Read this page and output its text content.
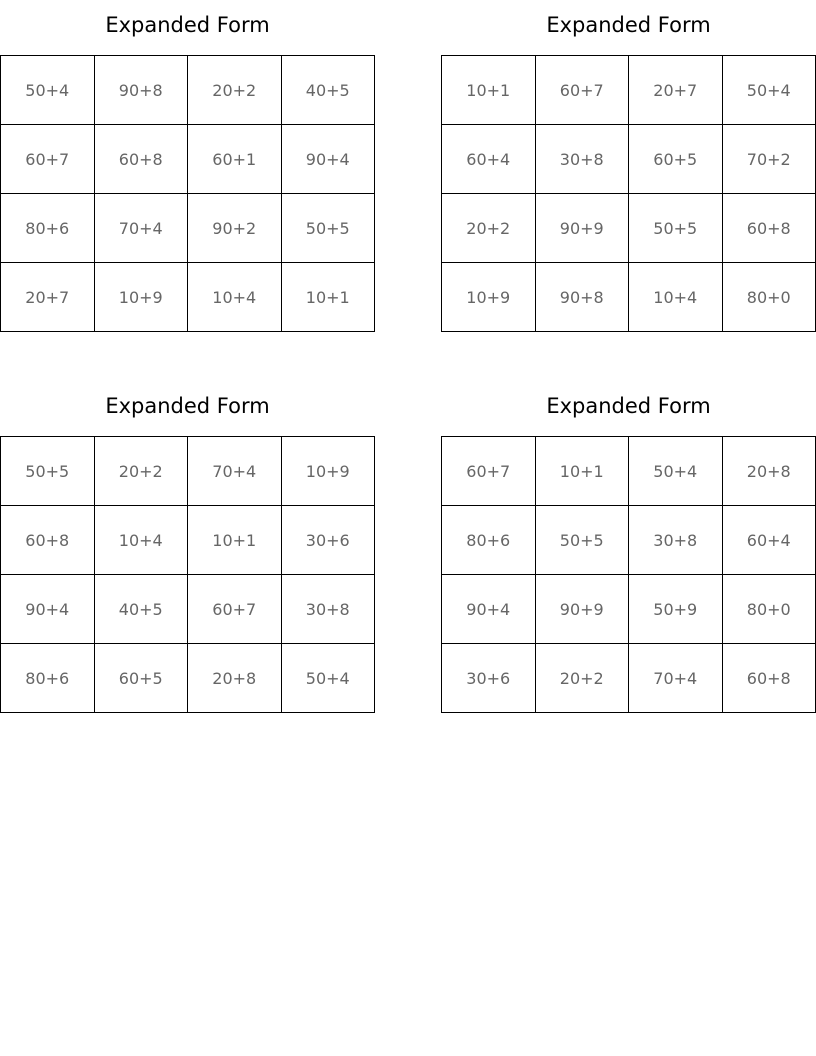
Expanded Form
50+4	90+8	20+2	40+5
60+7	60+8	60+1	90+4
80+6	70+4	90+2	50+5
20+7	10+9	10+4	10+1
Expanded Form
10+1	60+7	20+7	50+4
60+4	30+8	60+5	70+2
20+2	90+9	50+5	60+8
10+9	90+8	10+4	80+0
Expanded Form
50+5	20+2	70+4	10+9
60+8	10+4	10+1	30+6
90+4	40+5	60+7	30+8
80+6	60+5	20+8	50+4
Expanded Form
60+7	10+1	50+4	20+8
80+6	50+5	30+8	60+4
90+4	90+9	50+9	80+0
30+6	20+2	70+4	60+8
